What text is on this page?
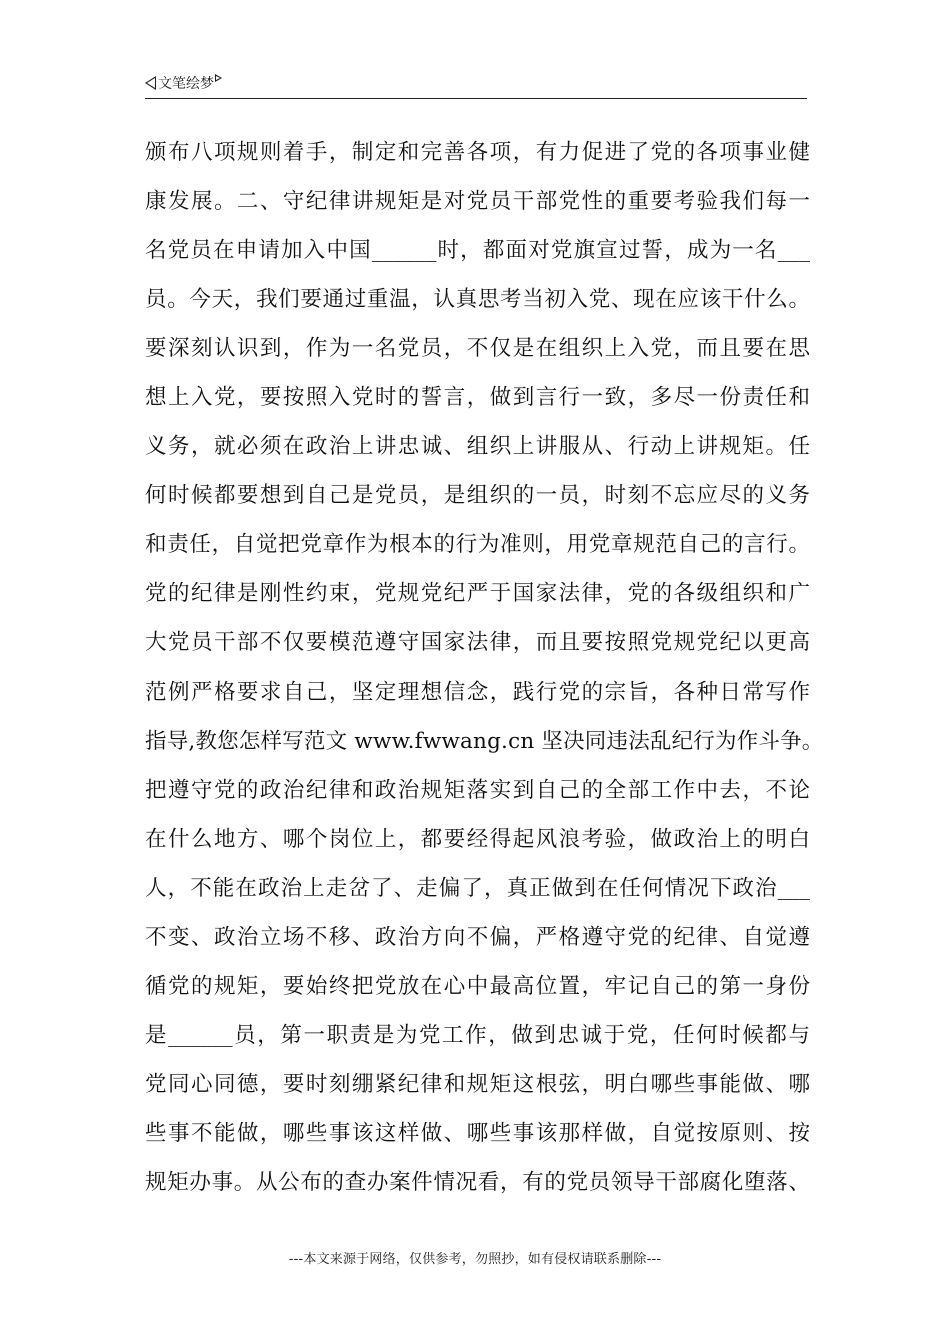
文笔绘梦
颁布八项规则着手，制定和完善各项，有力促进了党的各项事业健
康发展。二、守纪律讲规矩是对党员干部党性的重要考验我们每一
名党员在申请加入中国______时，都面对党旗宣过誓，成为一名___
员。今天，我们要通过重温，认真思考当初入党、现在应该干什么。
要深刻认识到，作为一名党员，不仅是在组织上入党，而且要在思
想上入党，要按照入党时的誓言，做到言行一致，多尽一份责任和
义务，就必须在政治上讲忠诚、组织上讲服从、行动上讲规矩。任
何时候都要想到自己是党员，是组织的一员，时刻不忘应尽的义务
和责任，自觉把党章作为根本的行为准则，用党章规范自己的言行。
党的纪律是刚性约束，党规党纪严于国家法律，党的各级组织和广
大党员干部不仅要模范遵守国家法律，而且要按照党规党纪以更高
范例严格要求自己，坚定理想信念，践行党的宗旨，各种日常写作
指导,教您怎样写范文 www.fwwang.cn 坚决同违法乱纪行为作斗争。
把遵守党的政治纪律和政治规矩落实到自己的全部工作中去，不论
在什么地方、哪个岗位上，都要经得起风浪考验，做政治上的明白
人，不能在政治上走岔了、走偏了，真正做到在任何情况下政治___
不变、政治立场不移、政治方向不偏，严格遵守党的纪律、自觉遵
循党的规矩，要始终把党放在心中最高位置，牢记自己的第一身份
是______员，第一职责是为党工作，做到忠诚于党，任何时候都与
党同心同德，要时刻绷紧纪律和规矩这根弦，明白哪些事能做、哪
些事不能做，哪些事该这样做、哪些事该那样做，自觉按原则、按
规矩办事。从公布的查办案件情况看，有的党员领导干部腐化堕落、
---本文来源于网络，仅供参考，勿照抄，如有侵权请联系删除---
